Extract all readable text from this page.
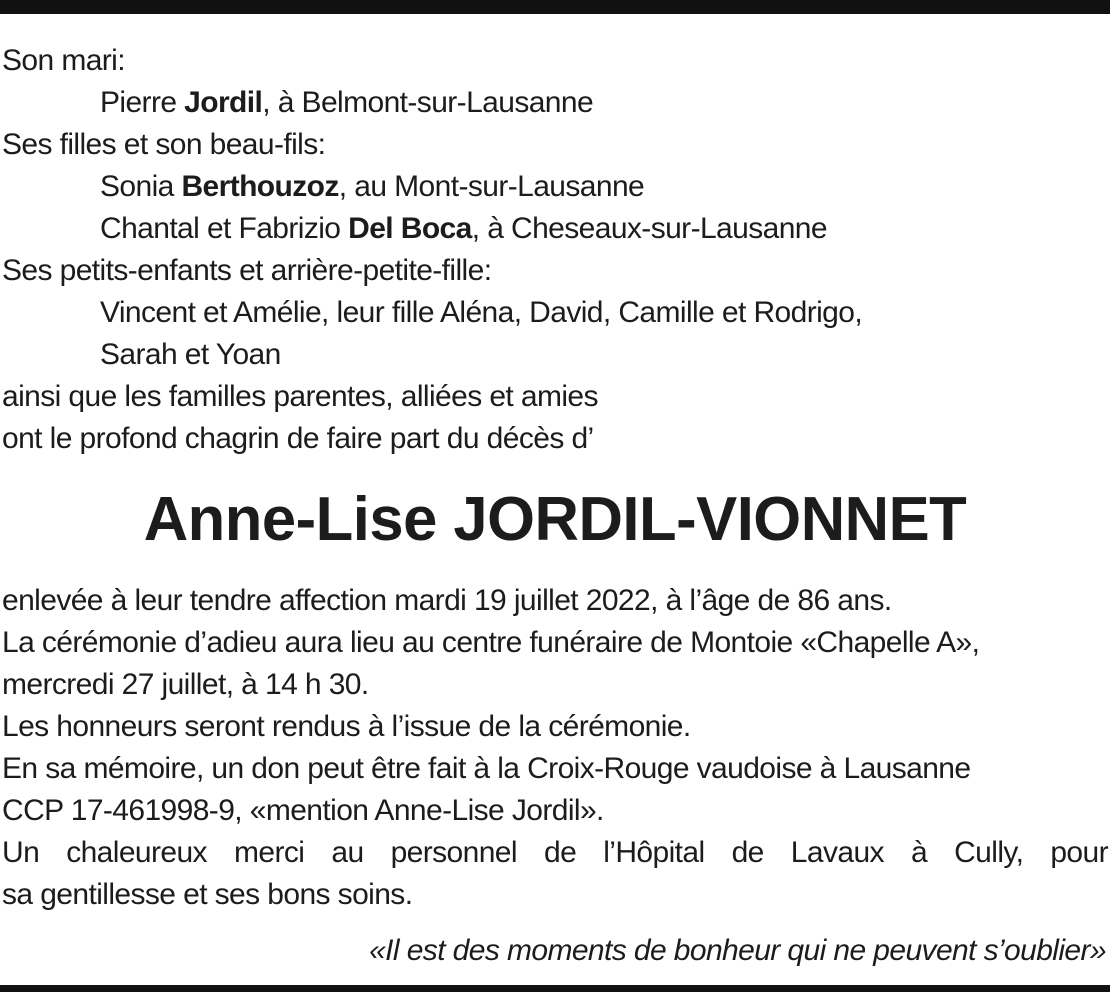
Son mari:
Pierre Jordil, à Belmont-sur-Lausanne
Ses filles et son beau-fils:
Sonia Berthouzoz, au Mont-sur-Lausanne
Chantal et Fabrizio Del Boca, à Cheseaux-sur-Lausanne
Ses petits-enfants et arrière-petite-fille:
Vincent et Amélie, leur fille Aléna, David, Camille et Rodrigo,
Sarah et Yoan
ainsi que les familles parentes, alliées et amies
ont le profond chagrin de faire part du décès d’
Anne-Lise JORDIL-VIONNET
enlevée à leur tendre affection mardi 19 juillet 2022, à l’âge de 86 ans.
La cérémonie d’adieu aura lieu au centre funéraire de Montoie «Chapelle A»,
mercredi 27 juillet, à 14 h 30.
Les honneurs seront rendus à l’issue de la cérémonie.
En sa mémoire, un don peut être fait à la Croix-Rouge vaudoise à Lausanne
CCP 17-461998-9, «mention Anne-Lise Jordil».
Un chaleureux merci au personnel de l’Hôpital de Lavaux à Cully, pour
sa gentillesse et ses bons soins.
«Il est des moments de bonheur qui ne peuvent s’oublier»
